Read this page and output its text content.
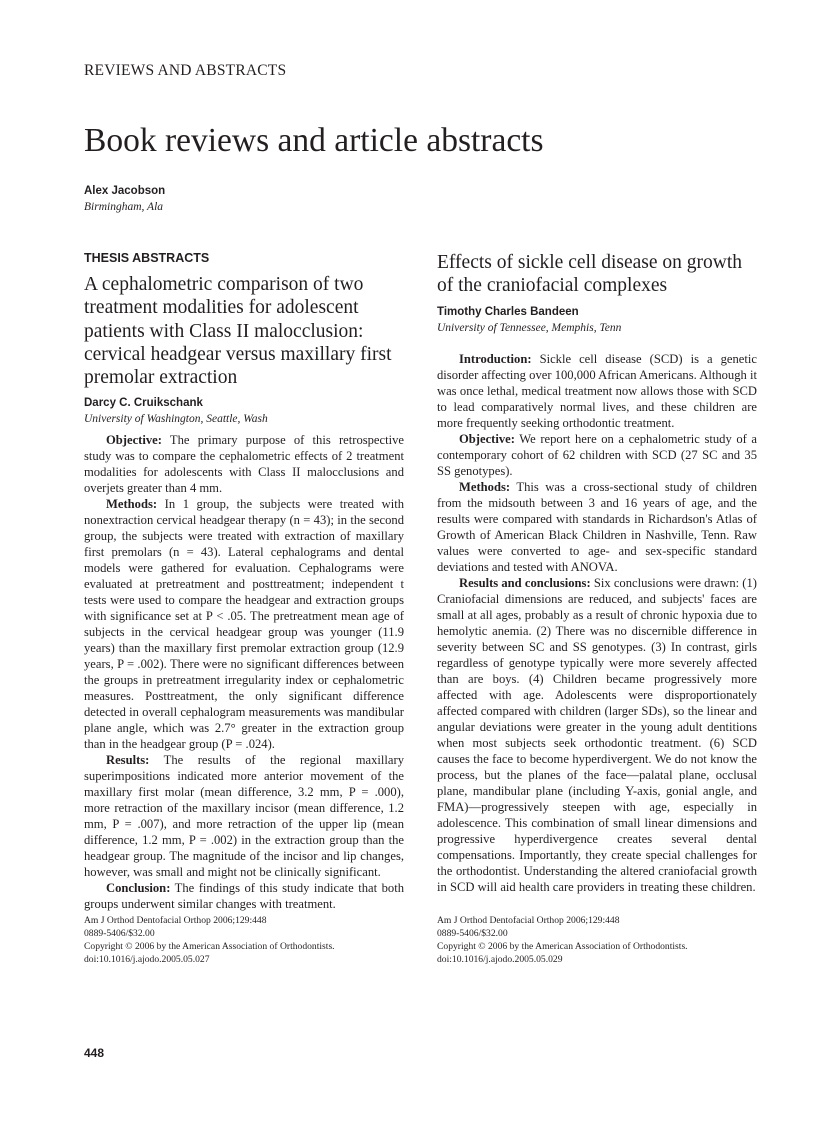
REVIEWS AND ABSTRACTS
Book reviews and article abstracts
Alex Jacobson
Birmingham, Ala
THESIS ABSTRACTS
A cephalometric comparison of two treatment modalities for adolescent patients with Class II malocclusion: cervical headgear versus maxillary first premolar extraction
Darcy C. Cruikschank
University of Washington, Seattle, Wash

Objective: The primary purpose of this retrospective study was to compare the cephalometric effects of 2 treatment modalities for adolescents with Class II malocclusions and overjets greater than 4 mm.

Methods: In 1 group, the subjects were treated with nonextraction cervical headgear therapy (n = 43); in the second group, the subjects were treated with extraction of maxillary first premolars (n = 43). Lateral cephalograms and dental models were gathered for evaluation. Cephalograms were evaluated at pretreatment and posttreatment; independent t tests were used to compare the headgear and extraction groups with significance set at P < .05. The pretreatment mean age of subjects in the cervical headgear group was younger (11.9 years) than the maxillary first premolar extraction group (12.9 years, P = .002). There were no significant differences between the groups in pretreatment irregularity index or cephalometric measures. Posttreatment, the only significant difference detected in overall cephalogram measurements was mandibular plane angle, which was 2.7° greater in the extraction group than in the headgear group (P = .024).

Results: The results of the regional maxillary superimpositions indicated more anterior movement of the maxillary first molar (mean difference, 3.2 mm, P = .000), more retraction of the maxillary incisor (mean difference, 1.2 mm, P = .007), and more retraction of the upper lip (mean difference, 1.2 mm, P = .002) in the extraction group than the headgear group. The magnitude of the incisor and lip changes, however, was small and might not be clinically significant.

Conclusion: The findings of this study indicate that both groups underwent similar changes with treatment.

Am J Orthod Dentofacial Orthop 2006;129:448
0889-5406/$32.00
Copyright © 2006 by the American Association of Orthodontists.
doi:10.1016/j.ajodo.2005.05.027
Effects of sickle cell disease on growth of the craniofacial complexes
Timothy Charles Bandeen
University of Tennessee, Memphis, Tenn

Introduction: Sickle cell disease (SCD) is a genetic disorder affecting over 100,000 African Americans. Although it was once lethal, medical treatment now allows those with SCD to lead comparatively normal lives, and these children are more frequently seeking orthodontic treatment.

Objective: We report here on a cephalometric study of a contemporary cohort of 62 children with SCD (27 SC and 35 SS genotypes).

Methods: This was a cross-sectional study of children from the midsouth between 3 and 16 years of age, and the results were compared with standards in Richardson's Atlas of Growth of American Black Children in Nashville, Tenn. Raw values were converted to age- and sex-specific standard deviations and tested with ANOVA.

Results and conclusions: Six conclusions were drawn: (1) Craniofacial dimensions are reduced, and subjects' faces are small at all ages, probably as a result of chronic hypoxia due to hemolytic anemia. (2) There was no discernible difference in severity between SC and SS genotypes. (3) In contrast, girls regardless of genotype typically were more severely affected than are boys. (4) Children became progressively more affected with age. Adolescents were disproportionately affected compared with children (larger SDs), so the linear and angular deviations were greater in the young adult dentitions when most subjects seek orthodontic treatment. (6) SCD causes the face to become hyperdivergent. We do not know the process, but the planes of the face—palatal plane, occlusal plane, mandibular plane (including Y-axis, gonial angle, and FMA)—progressively steepen with age, especially in adolescence. This combination of small linear dimensions and progressive hyperdivergence creates several dental compensations. Importantly, they create special challenges for the orthodontist. Understanding the altered craniofacial growth in SCD will aid health care providers in treating these children.

Am J Orthod Dentofacial Orthop 2006;129:448
0889-5406/$32.00
Copyright © 2006 by the American Association of Orthodontists.
doi:10.1016/j.ajodo.2005.05.029
448
